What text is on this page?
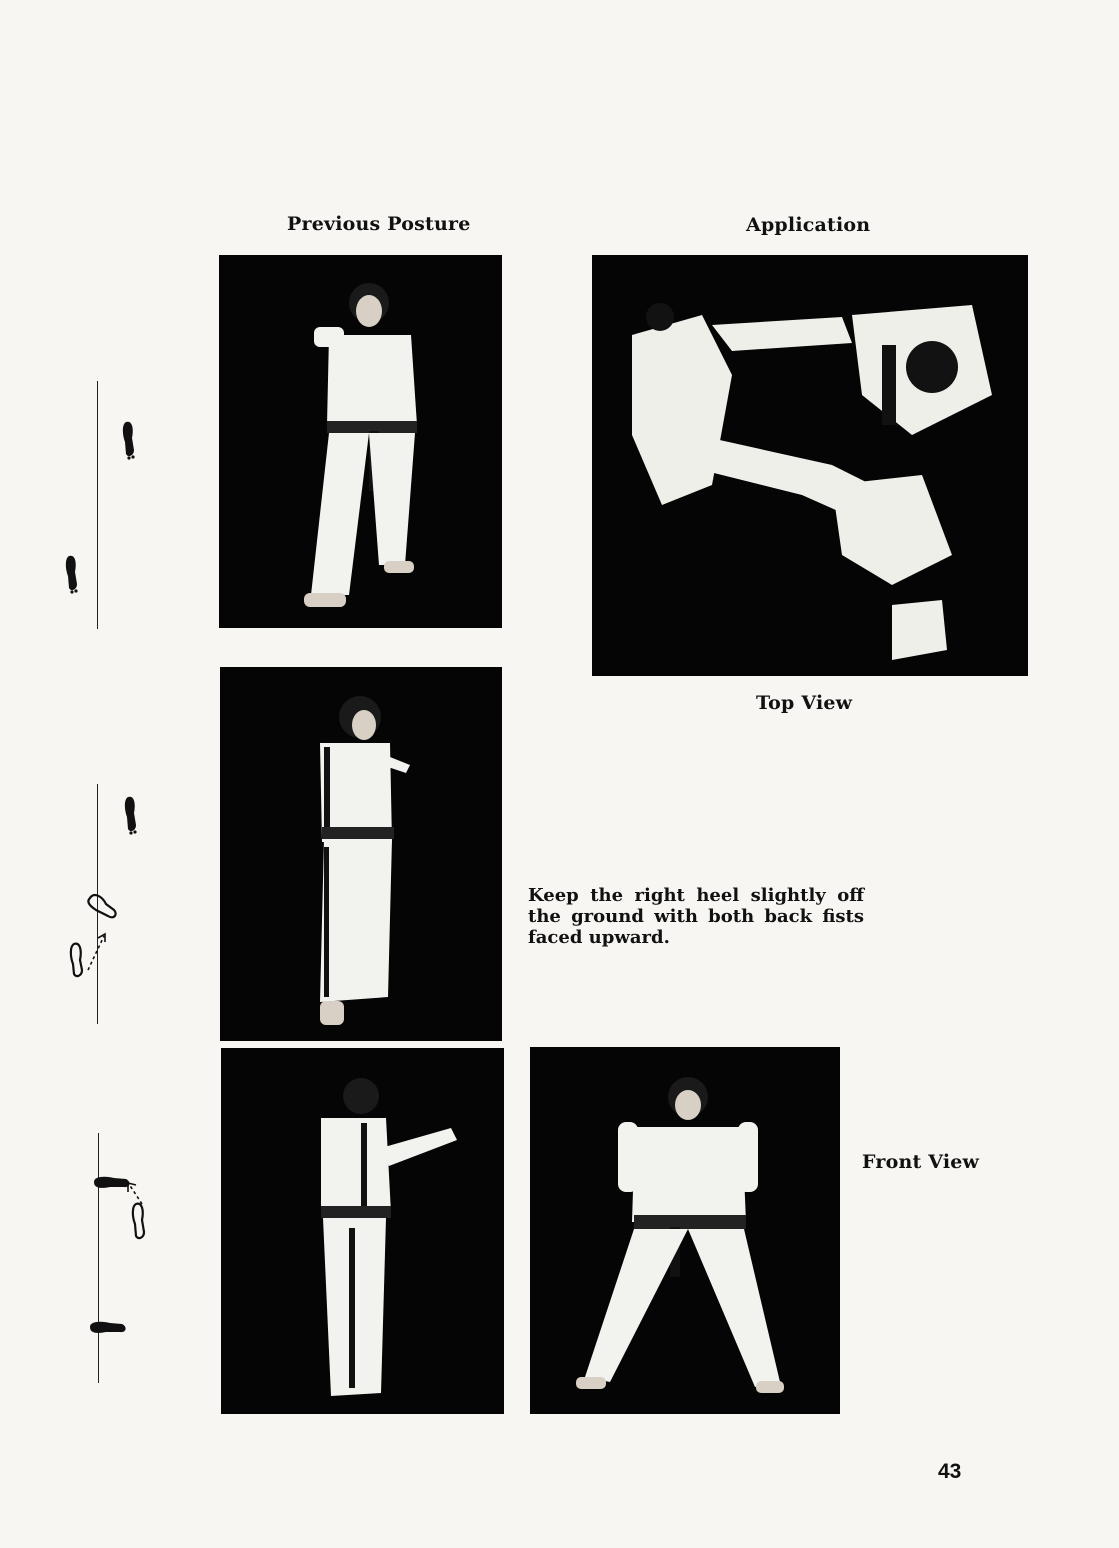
Previous Posture	Application
Top View
Front View
Keep the right heel slightly off the ground with both back fists faced upward.
43
